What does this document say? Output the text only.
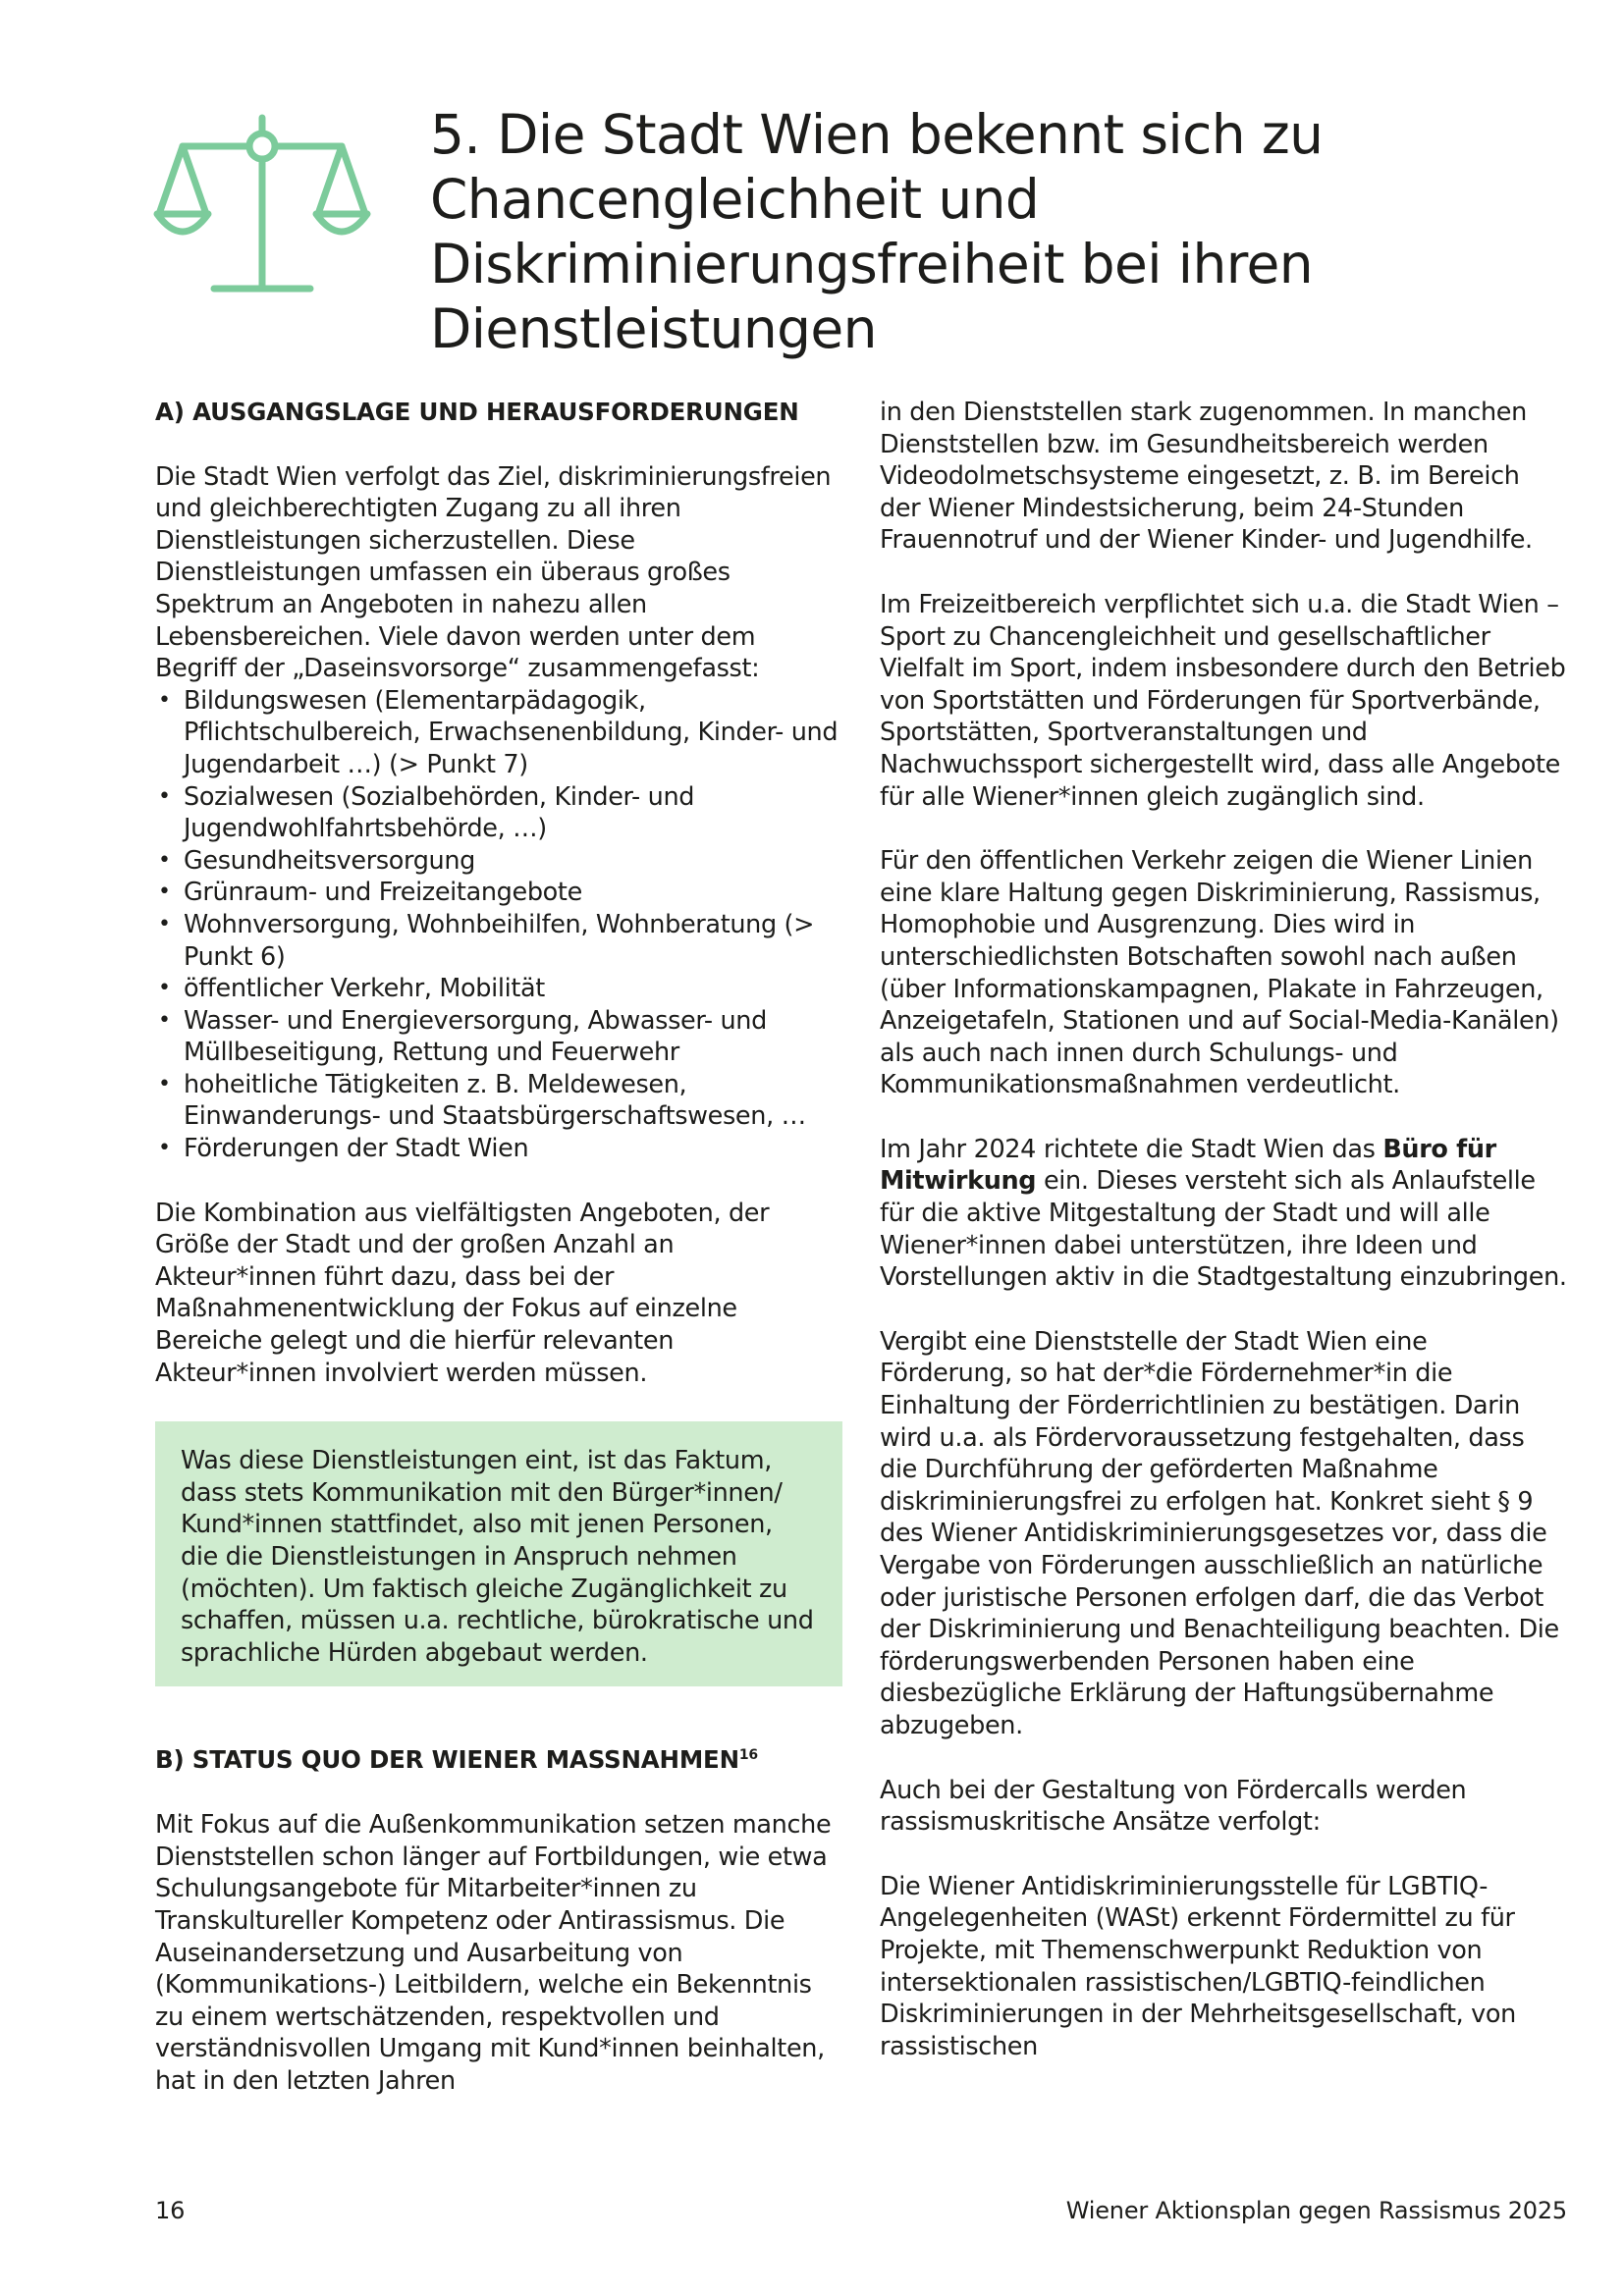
5. Die Stadt Wien bekennt sich zu Chancengleichheit und Diskriminierungsfreiheit bei ihren Dienstleistungen

A) AUSGANGSLAGE UND HERAUSFORDERUNGEN

Die Stadt Wien verfolgt das Ziel, diskriminierungsfreien und gleichberechtigten Zugang zu all ihren Dienstleistungen sicherzustellen. Diese Dienstleistungen umfassen ein überaus großes Spektrum an Angeboten in nahezu allen Lebensbereichen. Viele davon werden unter dem Begriff der „Daseinsvorsorge“ zusammengefasst:

• Bildungswesen (Elementarpädagogik, Pflichtschulbereich, Erwachsenenbildung, Kinder- und Jugendarbeit …) (> Punkt 7)
• Sozialwesen (Sozialbehörden, Kinder- und Jugendwohlfahrtsbehörde, …)
• Gesundheitsversorgung
• Grünraum- und Freizeitangebote
• Wohnversorgung, Wohnbeihilfen, Wohnberatung (> Punkt 6)
• öffentlicher Verkehr, Mobilität
• Wasser- und Energieversorgung, Abwasser- und Müllbeseitigung, Rettung und Feuerwehr
• hoheitliche Tätigkeiten z. B. Meldewesen, Einwanderungs- und Staatsbürgerschaftswesen, …
• Förderungen der Stadt Wien

Die Kombination aus vielfältigsten Angeboten, der Größe der Stadt und der großen Anzahl an Akteur*innen führt dazu, dass bei der Maßnahmenentwicklung der Fokus auf einzelne Bereiche gelegt und die hierfür relevanten Akteur*innen involviert werden müssen.

Was diese Dienstleistungen eint, ist das Faktum, dass stets Kommunikation mit den Bürger*innen/ Kund*innen stattfindet, also mit jenen Personen, die die Dienstleistungen in Anspruch nehmen (möchten). Um faktisch gleiche Zugänglichkeit zu schaffen, müssen u.a. rechtliche, bürokratische und sprachliche Hürden abgebaut werden.

B) STATUS QUO DER WIENER MASSNAHMEN$^{16}$

Mit Fokus auf die Außenkommunikation setzen manche Dienststellen schon länger auf Fortbildungen, wie etwa Schulungsangebote für Mitarbeiter*innen zu Transkultureller Kompetenz oder Antirassismus. Die Auseinandersetzung und Ausarbeitung von (Kommunikations-) Leitbildern, welche ein Bekenntnis zu einem wertschätzenden, respektvollen und verständnisvollen Umgang mit Kund*innen beinhalten, hat in den letzten Jahren

in den Dienststellen stark zugenommen. In manchen Dienststellen bzw. im Gesundheitsbereich werden Videodolmetschsysteme eingesetzt, z. B. im Bereich der Wiener Mindestsicherung, beim 24-Stunden Frauennotruf und der Wiener Kinder- und Jugendhilfe.

Im Freizeitbereich verpflichtet sich u.a. die Stadt Wien – Sport zu Chancengleichheit und gesellschaftlicher Vielfalt im Sport, indem insbesondere durch den Betrieb von Sportstätten und Förderungen für Sportverbände, Sportstätten, Sportveranstaltungen und Nachwuchssport sichergestellt wird, dass alle Angebote für alle Wiener*innen gleich zugänglich sind.

Für den öffentlichen Verkehr zeigen die Wiener Linien eine klare Haltung gegen Diskriminierung, Rassismus, Homophobie und Ausgrenzung. Dies wird in unterschiedlichsten Botschaften sowohl nach außen (über Informationskampagnen, Plakate in Fahrzeugen, Anzeigetafeln, Stationen und auf Social-Media-Kanälen) als auch nach innen durch Schulungs- und Kommunikationsmaßnahmen verdeutlicht.

Im Jahr 2024 richtete die Stadt Wien das Büro für Mitwirkung ein. Dieses versteht sich als Anlaufstelle für die aktive Mitgestaltung der Stadt und will alle Wiener*innen dabei unterstützen, ihre Ideen und Vorstellungen aktiv in die Stadtgestaltung einzubringen.

Vergibt eine Dienststelle der Stadt Wien eine Förderung, so hat der*die Fördernehmer*in die Einhaltung der Förderrichtlinien zu bestätigen. Darin wird u.a. als Fördervoraussetzung festgehalten, dass die Durchführung der geförderten Maßnahme diskriminierungsfrei zu erfolgen hat. Konkret sieht § 9 des Wiener Antidiskriminierungsgesetzes vor, dass die Vergabe von Förderungen ausschließlich an natürliche oder juristische Personen erfolgen darf, die das Verbot der Diskriminierung und Benachteiligung beachten. Die förderungswerbenden Personen haben eine diesbezügliche Erklärung der Haftungsübernahme abzugeben.

Auch bei der Gestaltung von Fördercalls werden rassismuskritische Ansätze verfolgt:

Die Wiener Antidiskriminierungsstelle für LGBTIQ-Angelegenheiten (WASt) erkennt Fördermittel zu für Projekte, mit Themenschwerpunkt Reduktion von intersektionalen rassistischen/LGBTIQ-feindlichen Diskriminierungen in der Mehrheitsgesellschaft, von rassistischen

16	Wiener Aktionsplan gegen Rassismus 2025
